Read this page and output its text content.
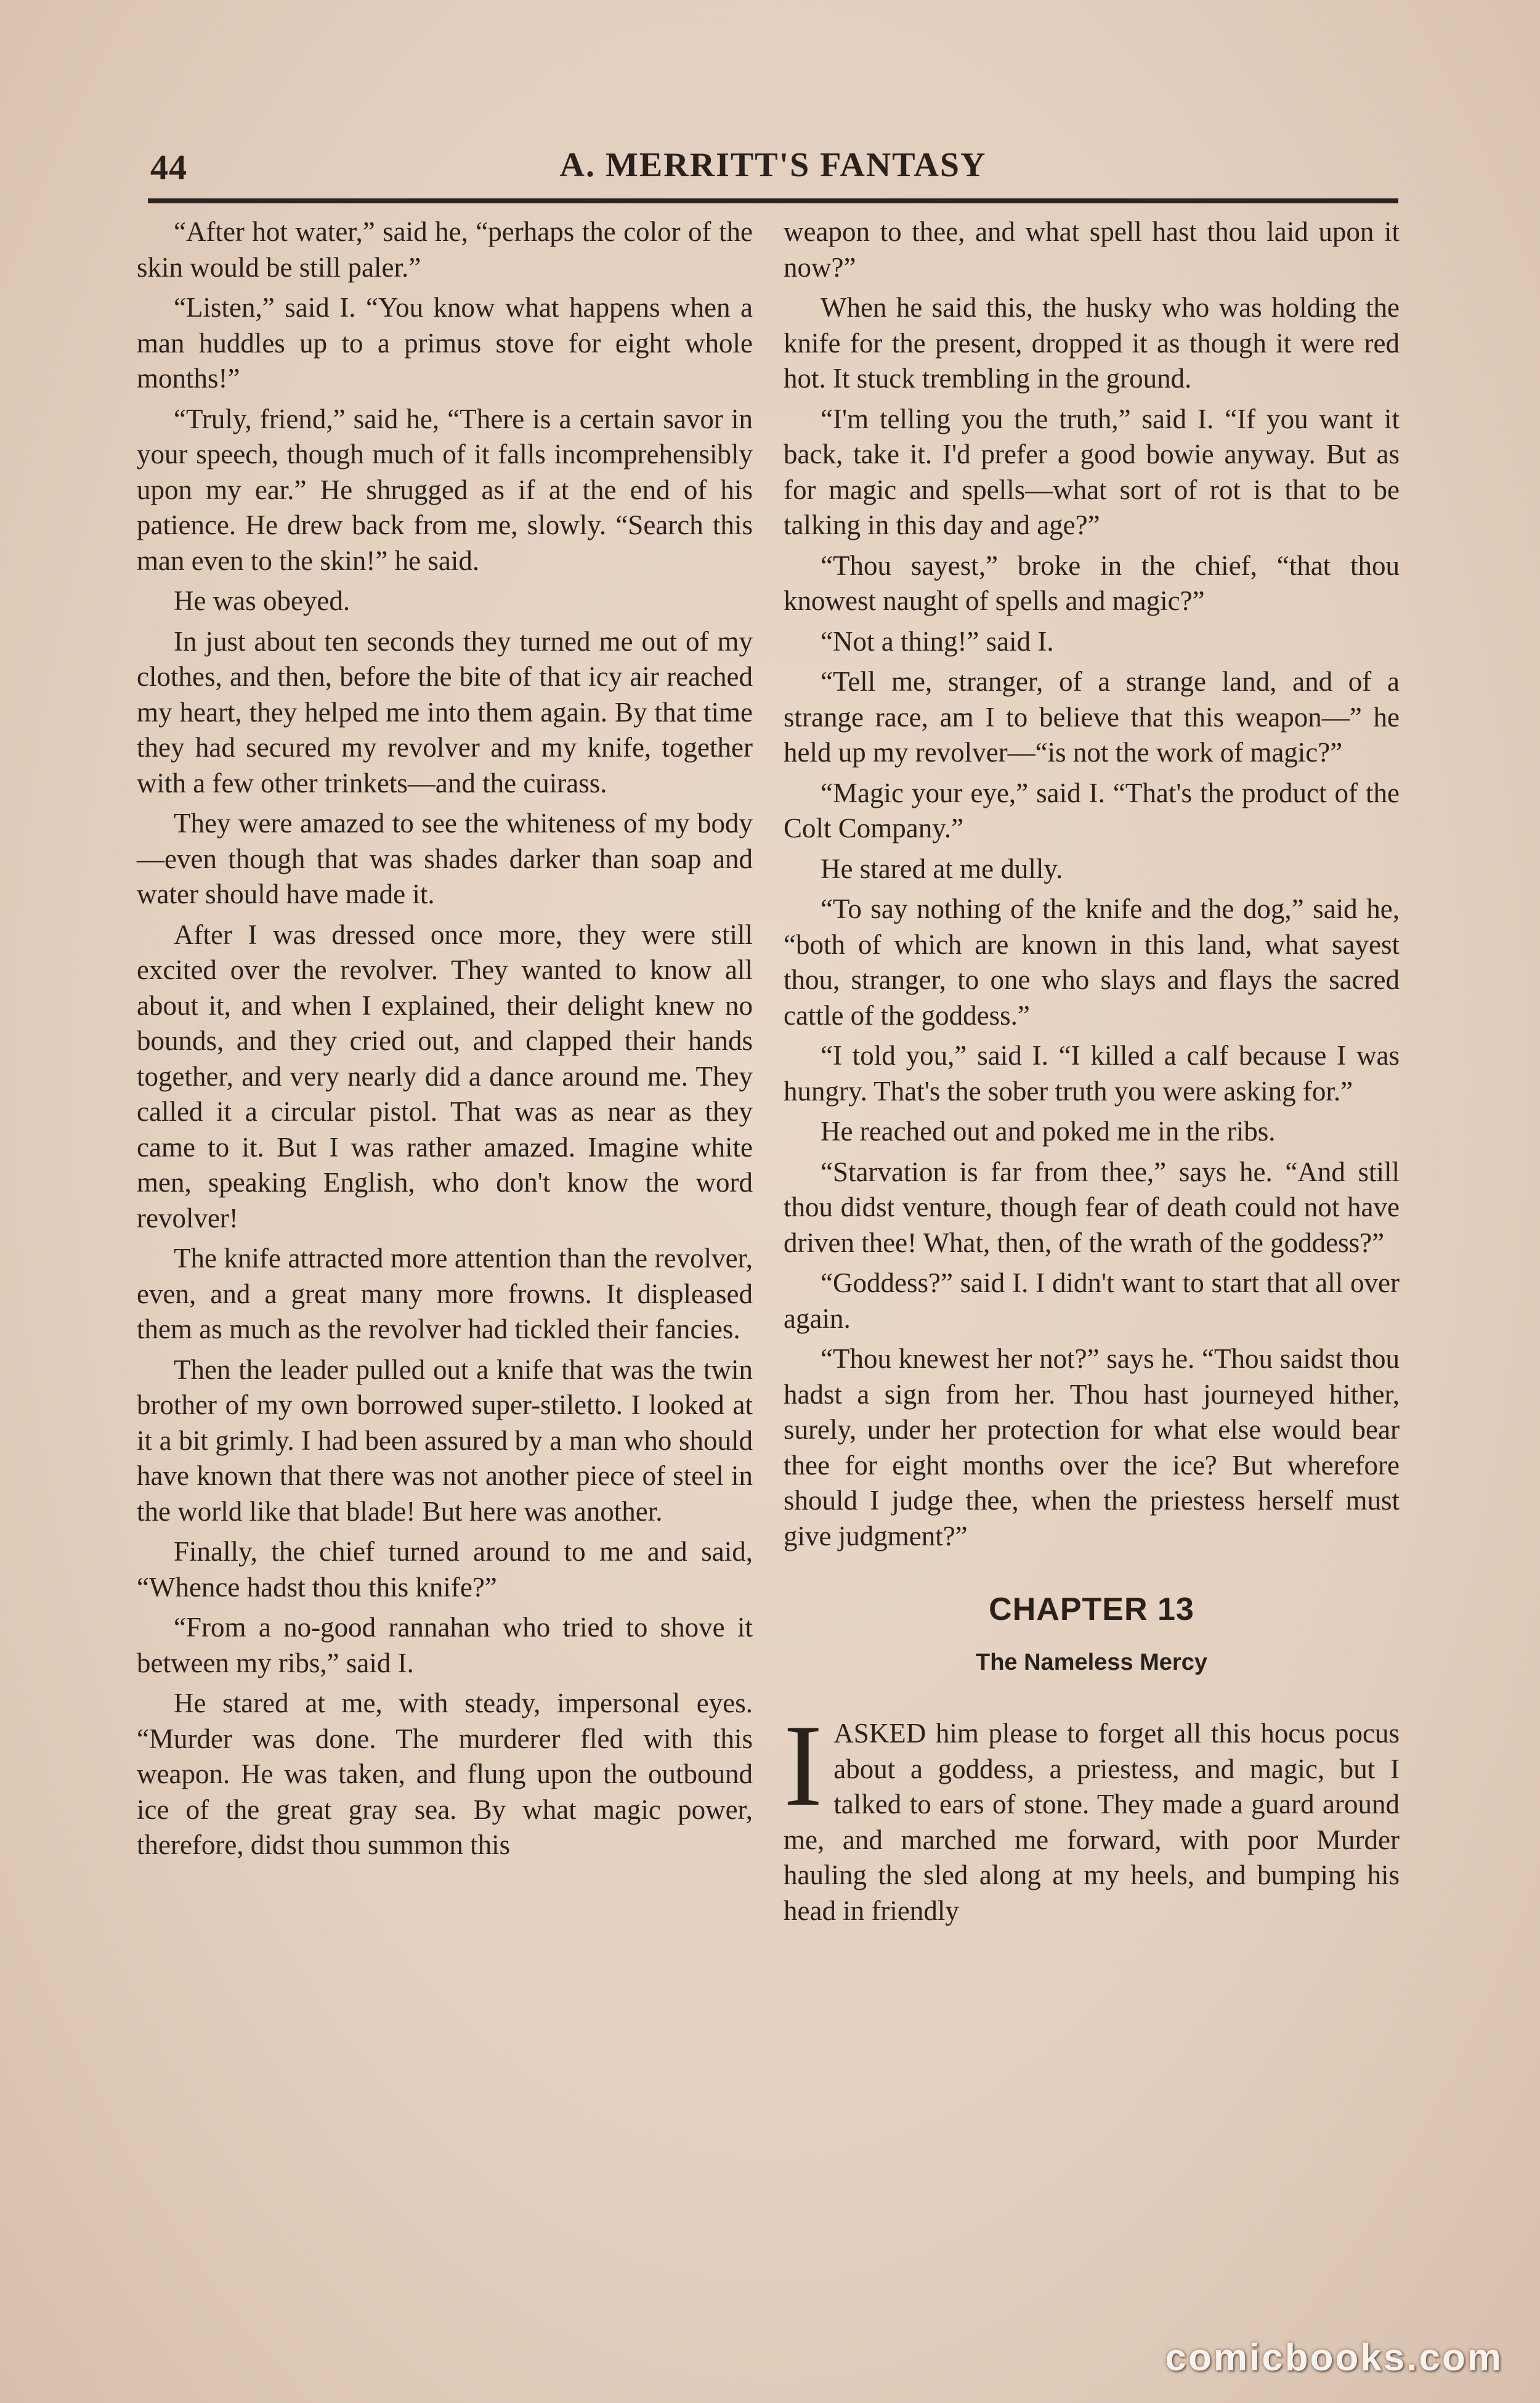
44	A. MERRITT'S FANTASY

“After hot water,” said he, “perhaps the color of the skin would be still paler.”

“Listen,” said I. “You know what happens when a man huddles up to a primus stove for eight whole months!”

“Truly, friend,” said he, “There is a certain savor in your speech, though much of it falls incomprehensibly upon my ear.” He shrugged as if at the end of his patience. He drew back from me, slowly. “Search this man even to the skin!” he said.

He was obeyed.

In just about ten seconds they turned me out of my clothes, and then, before the bite of that icy air reached my heart, they helped me into them again. By that time they had secured my revolver and my knife, together with a few other trinkets—and the cuirass.

They were amazed to see the whiteness of my body—even though that was shades darker than soap and water should have made it.

After I was dressed once more, they were still excited over the revolver. They wanted to know all about it, and when I explained, their delight knew no bounds, and they cried out, and clapped their hands together, and very nearly did a dance around me. They called it a circular pistol. That was as near as they came to it. But I was rather amazed. Imagine white men, speaking English, who don't know the word revolver!

The knife attracted more attention than the revolver, even, and a great many more frowns. It displeased them as much as the revolver had tickled their fancies.

Then the leader pulled out a knife that was the twin brother of my own borrowed super-stiletto. I looked at it a bit grimly. I had been assured by a man who should have known that there was not another piece of steel in the world like that blade! But here was another.

Finally, the chief turned around to me and said, “Whence hadst thou this knife?”

“From a no-good rannahan who tried to shove it between my ribs,” said I.

He stared at me, with steady, impersonal eyes. “Murder was done. The murderer fled with this weapon. He was taken, and flung upon the outbound ice of the great gray sea. By what magic power, therefore, didst thou summon this

weapon to thee, and what spell hast thou laid upon it now?”

When he said this, the husky who was holding the knife for the present, dropped it as though it were red hot. It stuck trembling in the ground.

“I'm telling you the truth,” said I. “If you want it back, take it. I'd prefer a good bowie anyway. But as for magic and spells—what sort of rot is that to be talking in this day and age?”

“Thou sayest,” broke in the chief, “that thou knowest naught of spells and magic?”

“Not a thing!” said I.

“Tell me, stranger, of a strange land, and of a strange race, am I to believe that this weapon—” he held up my revolver—“is not the work of magic?”

“Magic your eye,” said I. “That's the product of the Colt Company.”

He stared at me dully.

“To say nothing of the knife and the dog,” said he, “both of which are known in this land, what sayest thou, stranger, to one who slays and flays the sacred cattle of the goddess.”

“I told you,” said I. “I killed a calf because I was hungry. That's the sober truth you were asking for.”

He reached out and poked me in the ribs.

“Starvation is far from thee,” says he. “And still thou didst venture, though fear of death could not have driven thee! What, then, of the wrath of the goddess?”

“Goddess?” said I. I didn't want to start that all over again.

“Thou knewest her not?” says he. “Thou saidst thou hadst a sign from her. Thou hast journeyed hither, surely, under her protection for what else would bear thee for eight months over the ice? But wherefore should I judge thee, when the priestess herself must give judgment?”

CHAPTER 13
The Nameless Mercy

IASKED him please to forget all this hocus pocus about a goddess, a priestess, and magic, but I talked to ears of stone. They made a guard around me, and marched me forward, with poor Murder hauling the sled along at my heels, and bumping his head in friendly

comicbooks.com
